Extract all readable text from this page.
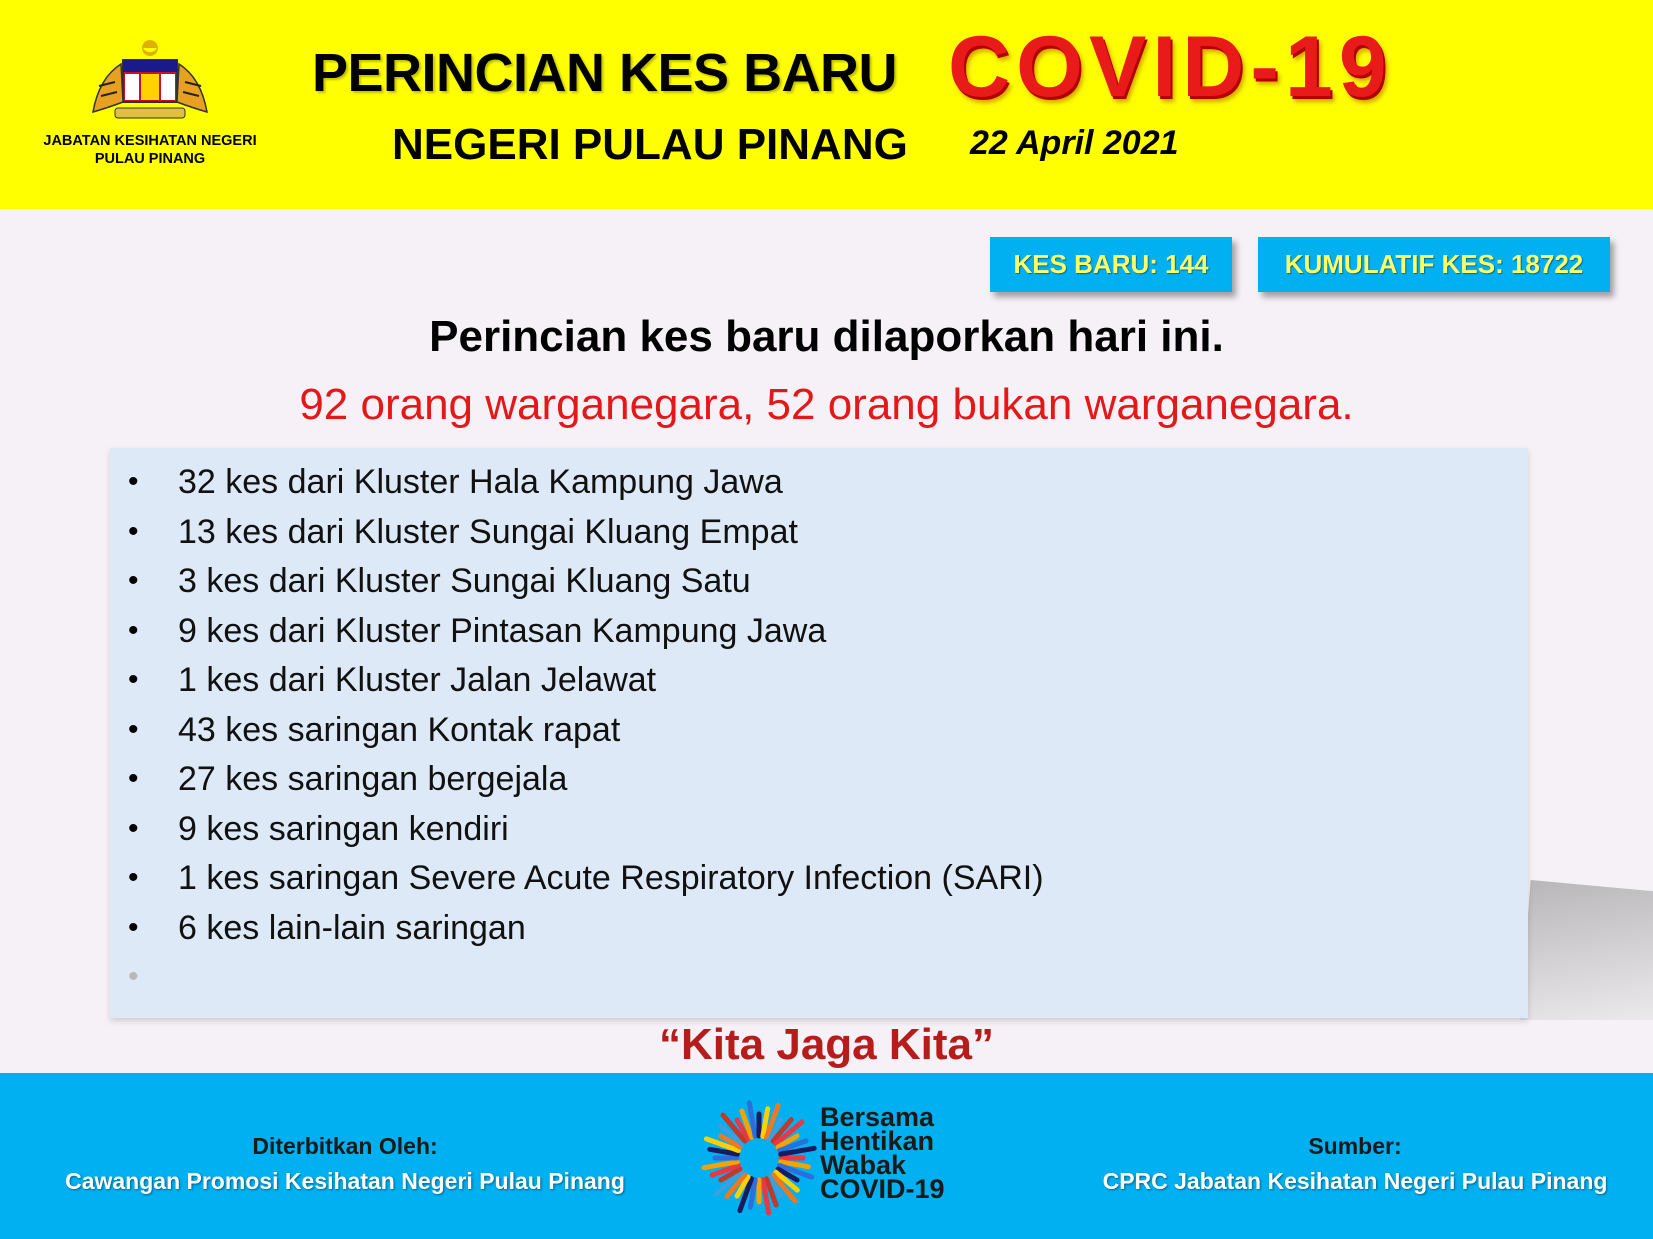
JABATAN KESIHATAN NEGERI
PULAU PINANG
PERINCIAN KES BARU COVID-19
NEGERI PULAU PINANG 22 April 2021
KES BARU: 144	KUMULATIF KES: 18722
Perincian kes baru dilaporkan hari ini.
92 orang warganegara, 52 orang bukan warganegara.
• 32 kes dari Kluster Hala Kampung Jawa
• 13 kes dari Kluster Sungai Kluang Empat
• 3 kes dari Kluster Sungai Kluang Satu
• 9 kes dari Kluster Pintasan Kampung Jawa
• 1 kes dari Kluster Jalan Jelawat
• 43 kes saringan Kontak rapat
• 27 kes saringan bergejala
• 9 kes saringan kendiri
• 1 kes saringan Severe Acute Respiratory Infection (SARI)
• 6 kes lain-lain saringan
•
“Kita Jaga Kita”
Diterbitkan Oleh:
Cawangan Promosi Kesihatan Negeri Pulau Pinang
Bersama
Hentikan
Wabak
COVID-19
Sumber:
CPRC Jabatan Kesihatan Negeri Pulau Pinang
